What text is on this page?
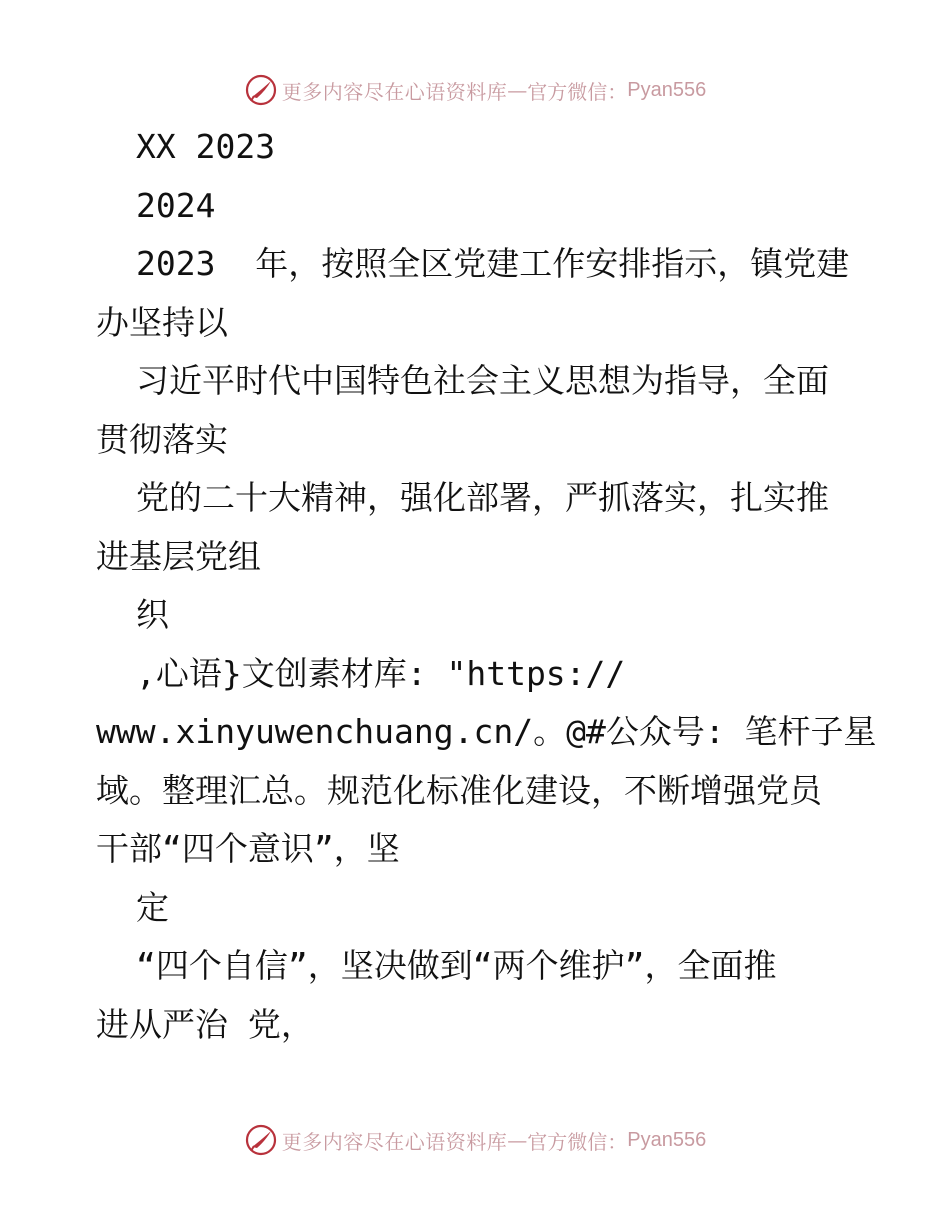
更多内容尽在心语资料库 — 官方微信： Pyan556
XX 2023
2024
2023  年，按照全区党建工作安排指示，镇党建
办坚持以
习近平时代中国特色社会主义思想为指导，全面
贯彻落实
党的二十大精神，强化部署，严抓落实，扎实推
进基层党组
织
,心语}文创素材库: "https://
www.xinyuwenchuang.cn/。@#公众号: 笔杆子星
域。整理汇总。规范化标准化建设，不断增强党员
干部“四个意识”，坚
定
“四个自信”，坚决做到“两个维护”，全面推
进从严治 党，
更多内容尽在心语资料库 — 官方微信： Pyan556
